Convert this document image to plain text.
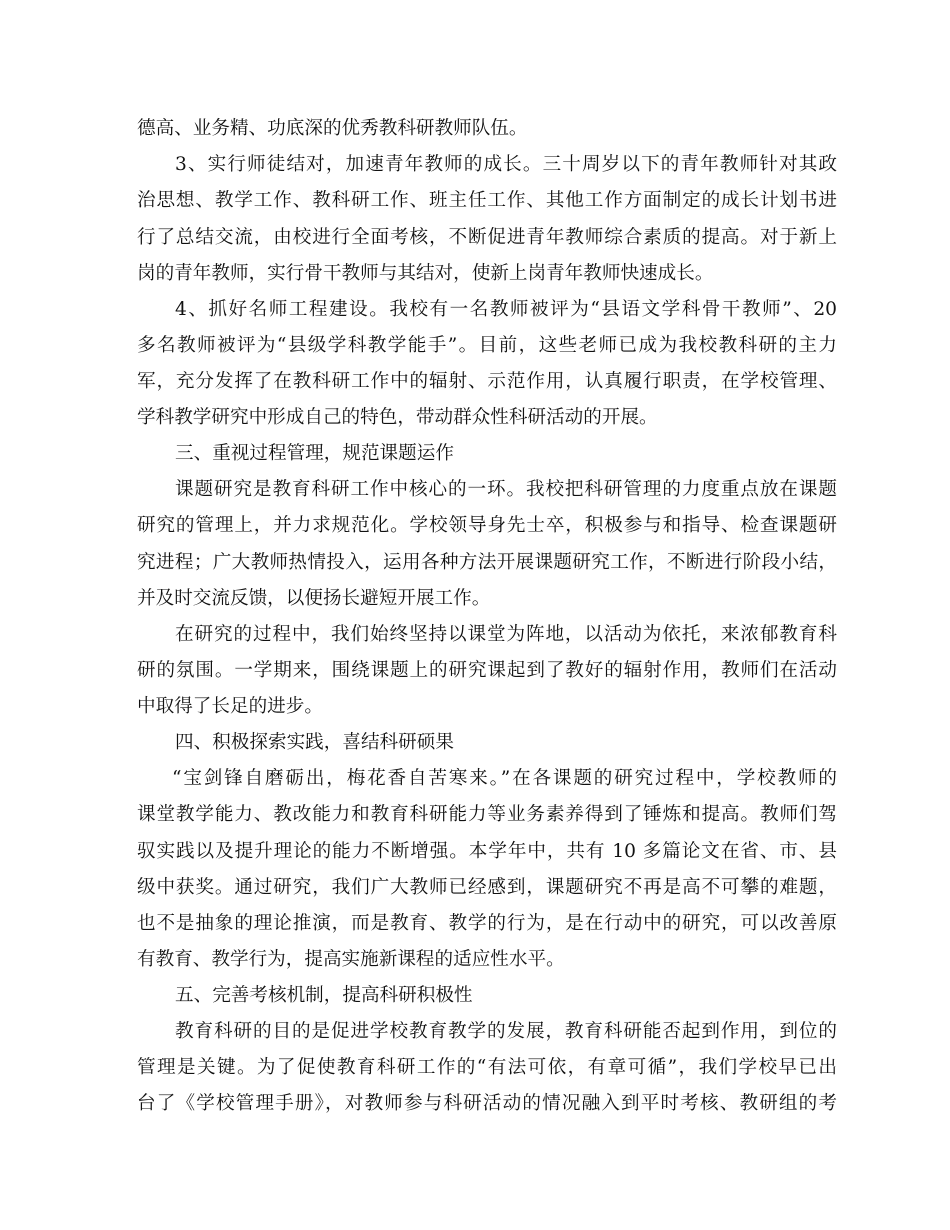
德高、业务精、功底深的优秀教科研教师队伍。
3、实行师徒结对，加速青年教师的成长。三十周岁以下的青年教师针对其政
治思想、教学工作、教科研工作、班主任工作、其他工作方面制定的成长计划书进
行了总结交流，由校进行全面考核，不断促进青年教师综合素质的提高。对于新上
岗的青年教师，实行骨干教师与其结对，使新上岗青年教师快速成长。
4、抓好名师工程建设。我校有一名教师被评为“县语文学科骨干教师”、20
多名教师被评为“县级学科教学能手”。目前，这些老师已成为我校教科研的主力
军，充分发挥了在教科研工作中的辐射、示范作用，认真履行职责，在学校管理、
学科教学研究中形成自己的特色，带动群众性科研活动的开展。
三、重视过程管理，规范课题运作
课题研究是教育科研工作中核心的一环。我校把科研管理的力度重点放在课题
研究的管理上，并力求规范化。学校领导身先士卒，积极参与和指导、检查课题研
究进程；广大教师热情投入，运用各种方法开展课题研究工作，不断进行阶段小结，
并及时交流反馈，以便扬长避短开展工作。
在研究的过程中，我们始终坚持以课堂为阵地，以活动为依托，来浓郁教育科
研的氛围。一学期来，围绕课题上的研究课起到了教好的辐射作用，教师们在活动
中取得了长足的进步。
四、积极探索实践，喜结科研硕果
“宝剑锋自磨砺出，梅花香自苦寒来。”在各课题的研究过程中，学校教师的
课堂教学能力、教改能力和教育科研能力等业务素养得到了锤炼和提高。教师们驾
驭实践以及提升理论的能力不断增强。本学年中，共有 10 多篇论文在省、市、县
级中获奖。通过研究，我们广大教师已经感到，课题研究不再是高不可攀的难题，
也不是抽象的理论推演，而是教育、教学的行为，是在行动中的研究，可以改善原
有教育、教学行为，提高实施新课程的适应性水平。
五、完善考核机制，提高科研积极性
教育科研的目的是促进学校教育教学的发展，教育科研能否起到作用，到位的
管理是关键。为了促使教育科研工作的“有法可依，有章可循”，我们学校早已出
台了《学校管理手册》，对教师参与科研活动的情况融入到平时考核、教研组的考
